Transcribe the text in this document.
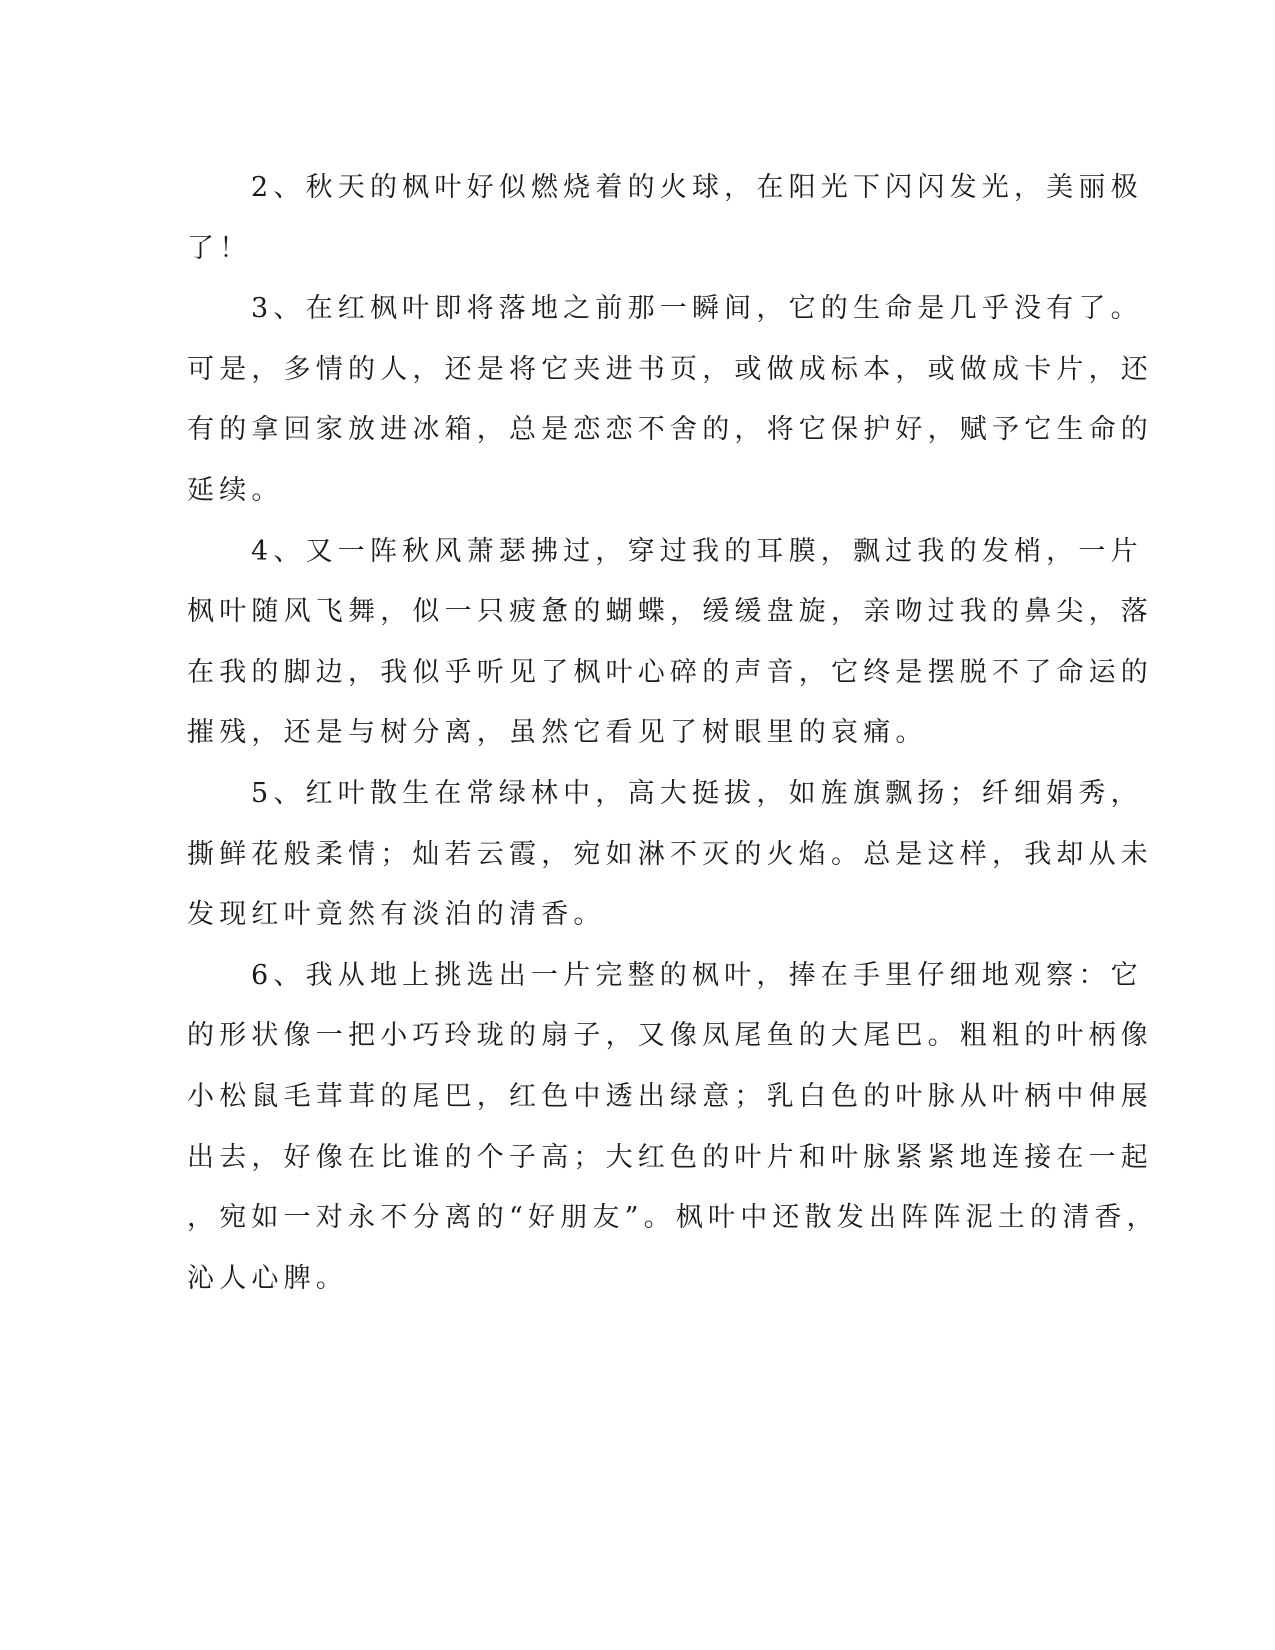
2、秋天的枫叶好似燃烧着的火球，在阳光下闪闪发光，美丽极
了！

3、在红枫叶即将落地之前那一瞬间，它的生命是几乎没有了。
可是，多情的人，还是将它夹进书页，或做成标本，或做成卡片，还
有的拿回家放进冰箱，总是恋恋不舍的，将它保护好，赋予它生命的
延续。

4、又一阵秋风萧瑟拂过，穿过我的耳膜，飘过我的发梢，一片
枫叶随风飞舞，似一只疲惫的蝴蝶，缓缓盘旋，亲吻过我的鼻尖，落
在我的脚边，我似乎听见了枫叶心碎的声音，它终是摆脱不了命运的
摧残，还是与树分离，虽然它看见了树眼里的哀痛。

5、红叶散生在常绿林中，高大挺拔，如旌旗飘扬；纤细娟秀，
撕鲜花般柔情；灿若云霞，宛如淋不灭的火焰。总是这样，我却从未
发现红叶竟然有淡泊的清香。

6、我从地上挑选出一片完整的枫叶，捧在手里仔细地观察：它
的形状像一把小巧玲珑的扇子，又像凤尾鱼的大尾巴。粗粗的叶柄像
小松鼠毛茸茸的尾巴，红色中透出绿意；乳白色的叶脉从叶柄中伸展
出去，好像在比谁的个子高；大红色的叶片和叶脉紧紧地连接在一起
，宛如一对永不分离的“好朋友”。枫叶中还散发出阵阵泥土的清香，
沁人心脾。
